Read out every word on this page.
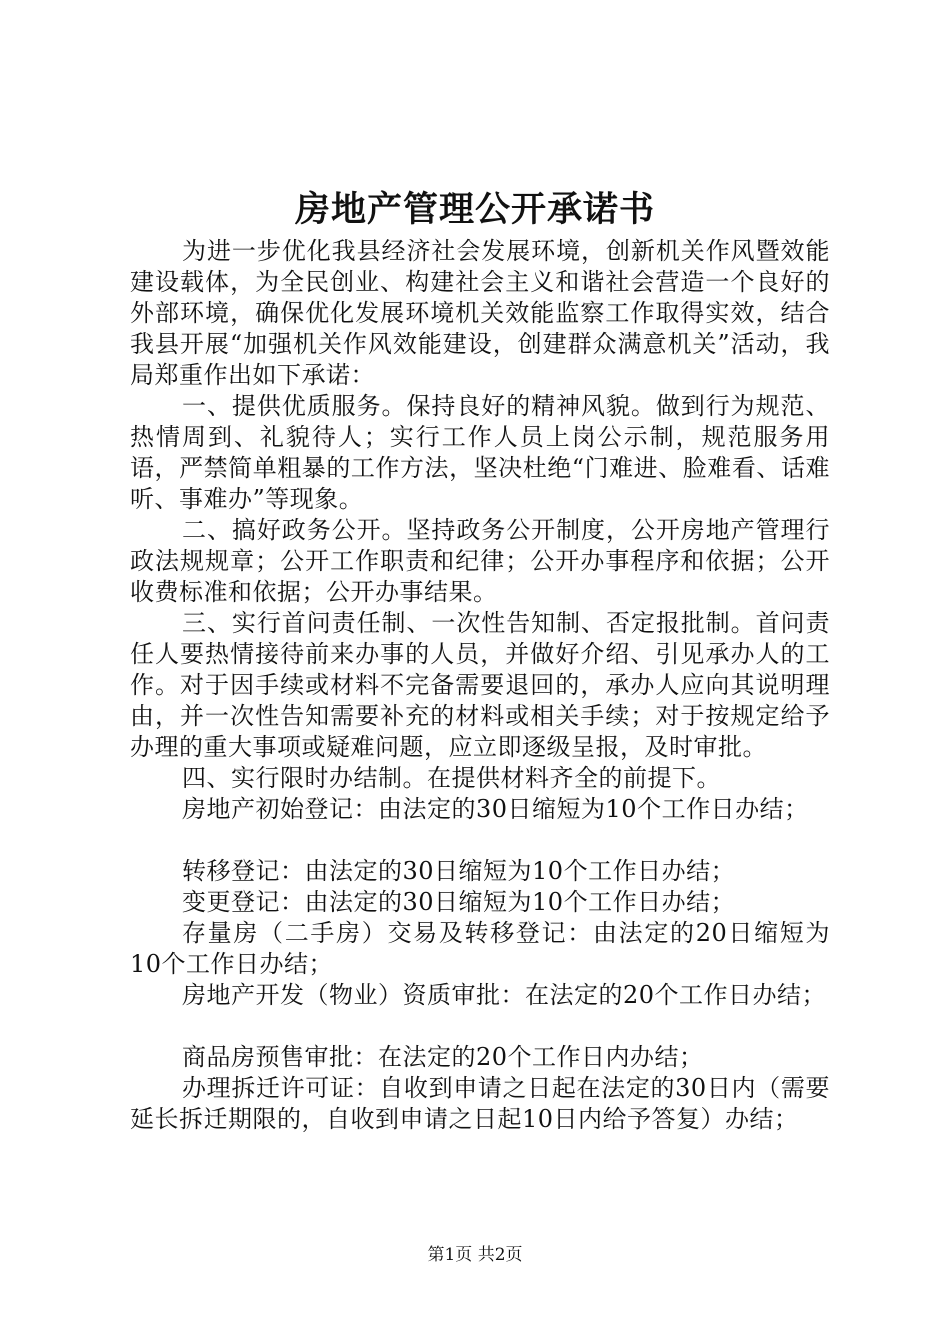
房地产管理公开承诺书

为进一步优化我县经济社会发展环境，创新机关作风暨效能建设载体，为全民创业、构建社会主义和谐社会营造一个良好的外部环境，确保优化发展环境机关效能监察工作取得实效，结合我县开展“加强机关作风效能建设，创建群众满意机关”活动，我局郑重作出如下承诺：

一、提供优质服务。保持良好的精神风貌。做到行为规范、热情周到、礼貌待人；实行工作人员上岗公示制，规范服务用语，严禁简单粗暴的工作方法，坚决杜绝“门难进、脸难看、话难听、事难办”等现象。

二、搞好政务公开。坚持政务公开制度，公开房地产管理行政法规规章；公开工作职责和纪律；公开办事程序和依据；公开收费标准和依据；公开办事结果。

三、实行首问责任制、一次性告知制、否定报批制。首问责任人要热情接待前来办事的人员，并做好介绍、引见承办人的工作。对于因手续或材料不完备需要退回的，承办人应向其说明理由，并一次性告知需要补充的材料或相关手续；对于按规定给予办理的重大事项或疑难问题，应立即逐级呈报，及时审批。

四、实行限时办结制。在提供材料齐全的前提下。

房地产初始登记：由法定的30日缩短为10个工作日办结；

转移登记：由法定的30日缩短为10个工作日办结；

变更登记：由法定的30日缩短为10个工作日办结；

存量房（二手房）交易及转移登记：由法定的20日缩短为10个工作日办结；

房地产开发（物业）资质审批：在法定的20个工作日办结；

商品房预售审批：在法定的20个工作日内办结；

办理拆迁许可证：自收到申请之日起在法定的30日内（需要延长拆迁期限的，自收到申请之日起10日内给予答复）办结；

第1页 共2页
